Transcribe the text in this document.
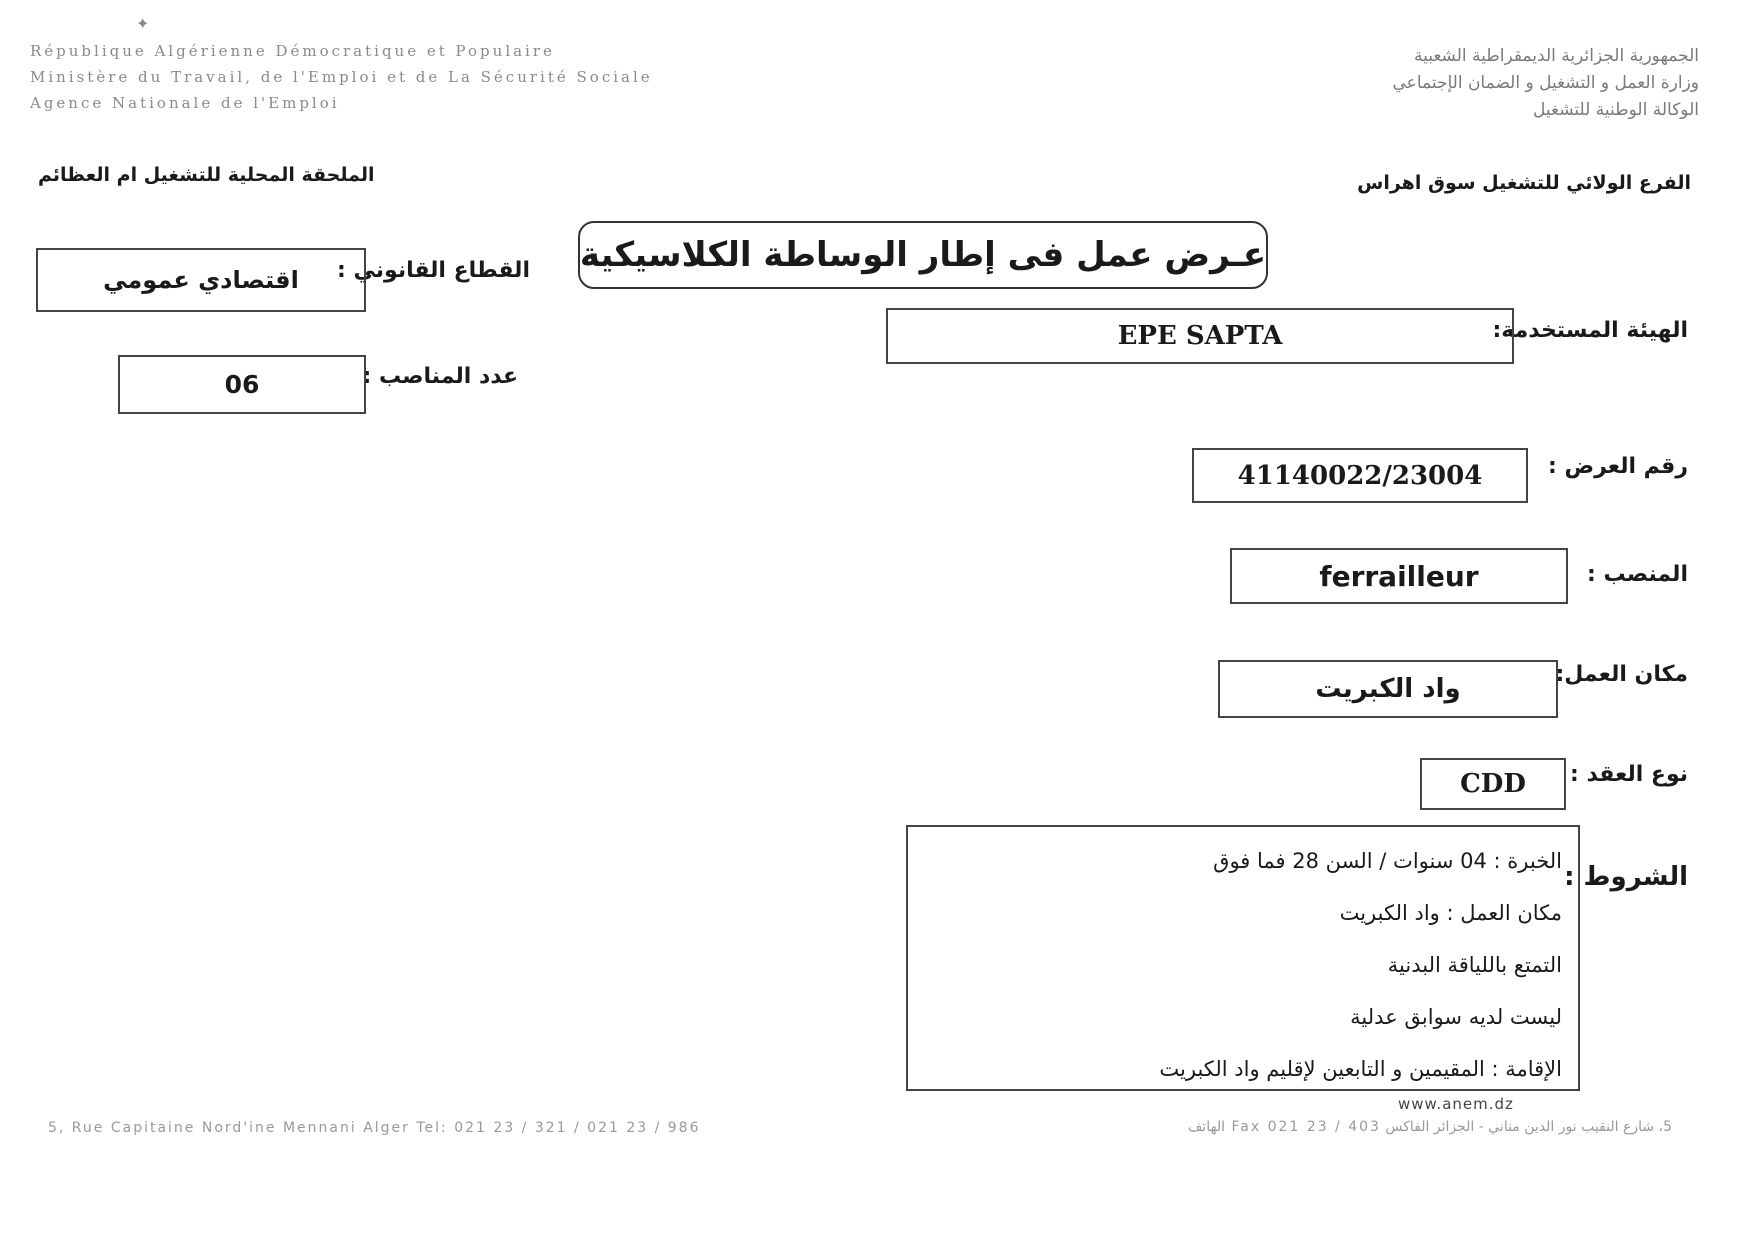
✦
République Algérienne Démocratique et Populaire
Ministère du Travail, de l'Emploi et de La Sécurité Sociale
Agence Nationale de l'Emploi
الجمهورية الجزائرية الديمقراطية الشعبية
وزارة العمل و التشغيل و الضمان الإجتماعي
الوكالة الوطنية للتشغيل
الفرع الولائي للتشغيل سوق اهراس
الملحقة المحلية للتشغيل ام العظائم
عـرض عمل فى إطار الوساطة الكلاسيكية
القطاع القانوني :
اقتصادي عمومي
الهيئة المستخدمة:
EPE SAPTA
عدد المناصب :
06
رقم العرض :
41140022/23004
المنصب :
ferrailleur
مكان العمل:
واد الكبريت
نوع العقد :
CDD
الشروط :
الخبرة : 04 سنوات / السن 28 فما فوق
مكان العمل : واد الكبريت
التمتع باللياقة البدنية
ليست لديه سوابق عدلية
الإقامة : المقيمين و التابعين لإقليم واد الكبريت
www.anem.dz
5, Rue Capitaine Nord'ine Mennani Alger Tel: 021 23 / 321 / 021 23 / 986	5، شارع النقيب نور الدين مناني - الجزائر الفاكس Fax 021 23 / 403 الهاتف
